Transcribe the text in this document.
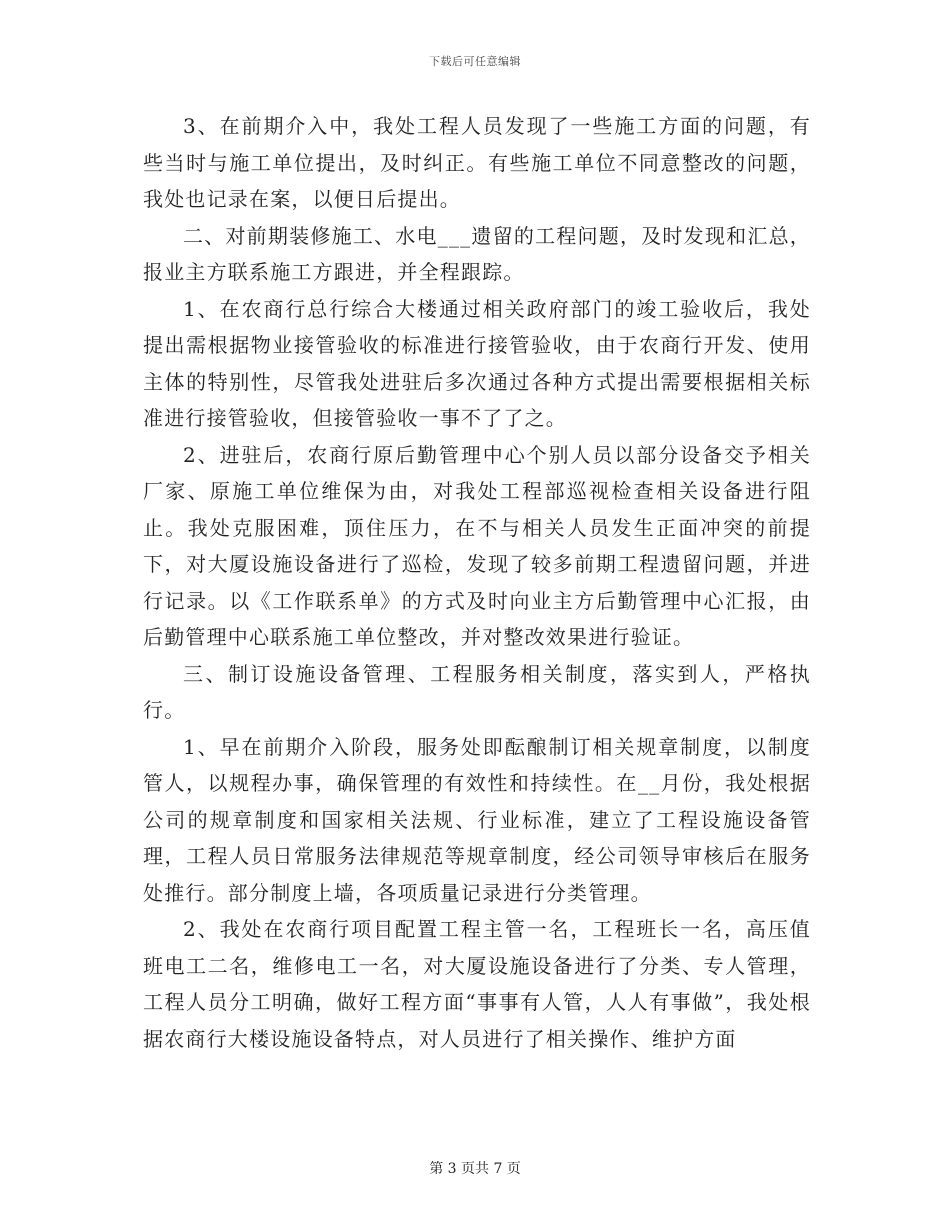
下载后可任意编辑

3、在前期介入中，我处工程人员发现了一些施工方面的问题，有些当时与施工单位提出，及时纠正。有些施工单位不同意整改的问题，我处也记录在案，以便日后提出。

二、对前期装修施工、水电___遗留的工程问题，及时发现和汇总，报业主方联系施工方跟进，并全程跟踪。

1、在农商行总行综合大楼通过相关政府部门的竣工验收后，我处提出需根据物业接管验收的标准进行接管验收，由于农商行开发、使用主体的特别性，尽管我处进驻后多次通过各种方式提出需要根据相关标准进行接管验收，但接管验收一事不了了之。

2、进驻后，农商行原后勤管理中心个别人员以部分设备交予相关厂家、原施工单位维保为由，对我处工程部巡视检查相关设备进行阻止。我处克服困难，顶住压力，在不与相关人员发生正面冲突的前提下，对大厦设施设备进行了巡检，发现了较多前期工程遗留问题，并进行记录。以《工作联系单》的方式及时向业主方后勤管理中心汇报，由后勤管理中心联系施工单位整改，并对整改效果进行验证。

三、制订设施设备管理、工程服务相关制度，落实到人，严格执行。

1、早在前期介入阶段，服务处即酝酿制订相关规章制度，以制度管人，以规程办事，确保管理的有效性和持续性。在__月份，我处根据公司的规章制度和国家相关法规、行业标准，建立了工程设施设备管理，工程人员日常服务法律规范等规章制度，经公司领导审核后在服务处推行。部分制度上墙，各项质量记录进行分类管理。

2、我处在农商行项目配置工程主管一名，工程班长一名，高压值班电工二名，维修电工一名，对大厦设施设备进行了分类、专人管理，工程人员分工明确，做好工程方面“事事有人管，人人有事做”，我处根据农商行大楼设施设备特点，对人员进行了相关操作、维护方面

第 3 页共 7 页
